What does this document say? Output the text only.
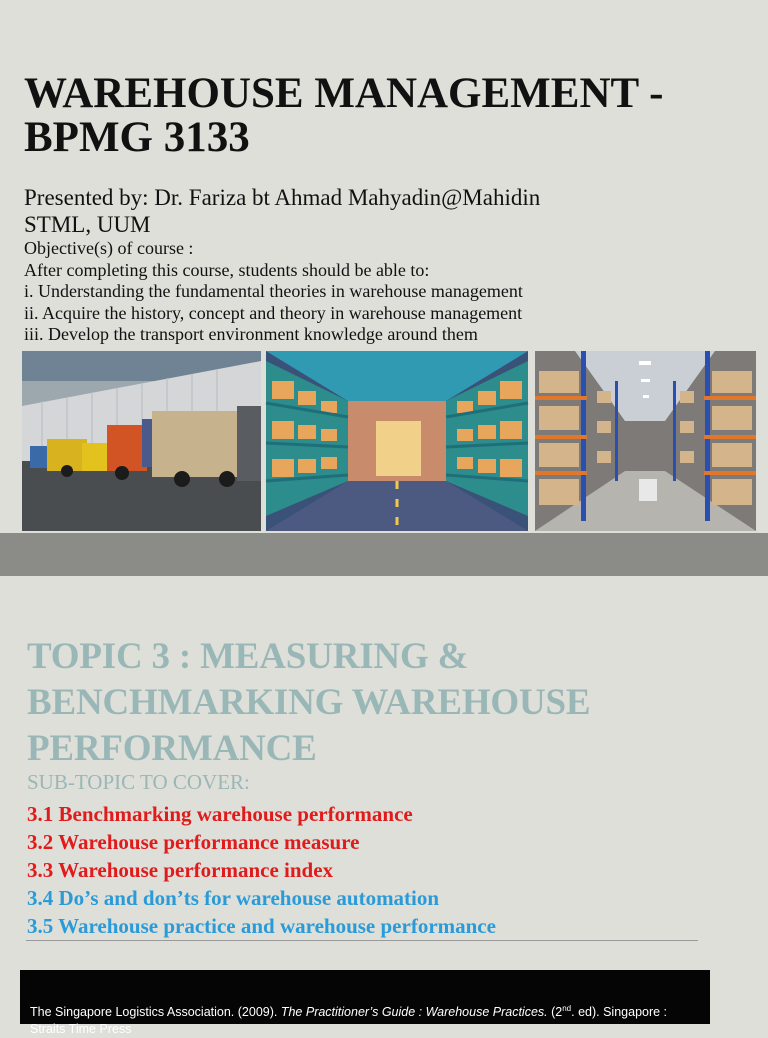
WAREHOUSE MANAGEMENT - BPMG 3133
Presented by: Dr. Fariza bt Ahmad Mahyadin@Mahidin
STML, UUM
Objective(s) of course :
After completing this course, students should be able to:
i. Understanding the fundamental theories in warehouse management
ii. Acquire the history, concept and theory in warehouse management
iii. Develop the transport environment knowledge around them
TOPIC 3 : MEASURING & BENCHMARKING WAREHOUSE PERFORMANCE
SUB-TOPIC TO COVER:
3.1 Benchmarking warehouse performance
3.2 Warehouse performance measure
3.3 Warehouse performance index
3.4 Do’s and don’ts for warehouse automation
3.5 Warehouse practice and warehouse performance
The Singapore Logistics Association. (2009). The Practitioner’s Guide : Warehouse Practices. (2nd. ed). Singapore : Straits Time Press
